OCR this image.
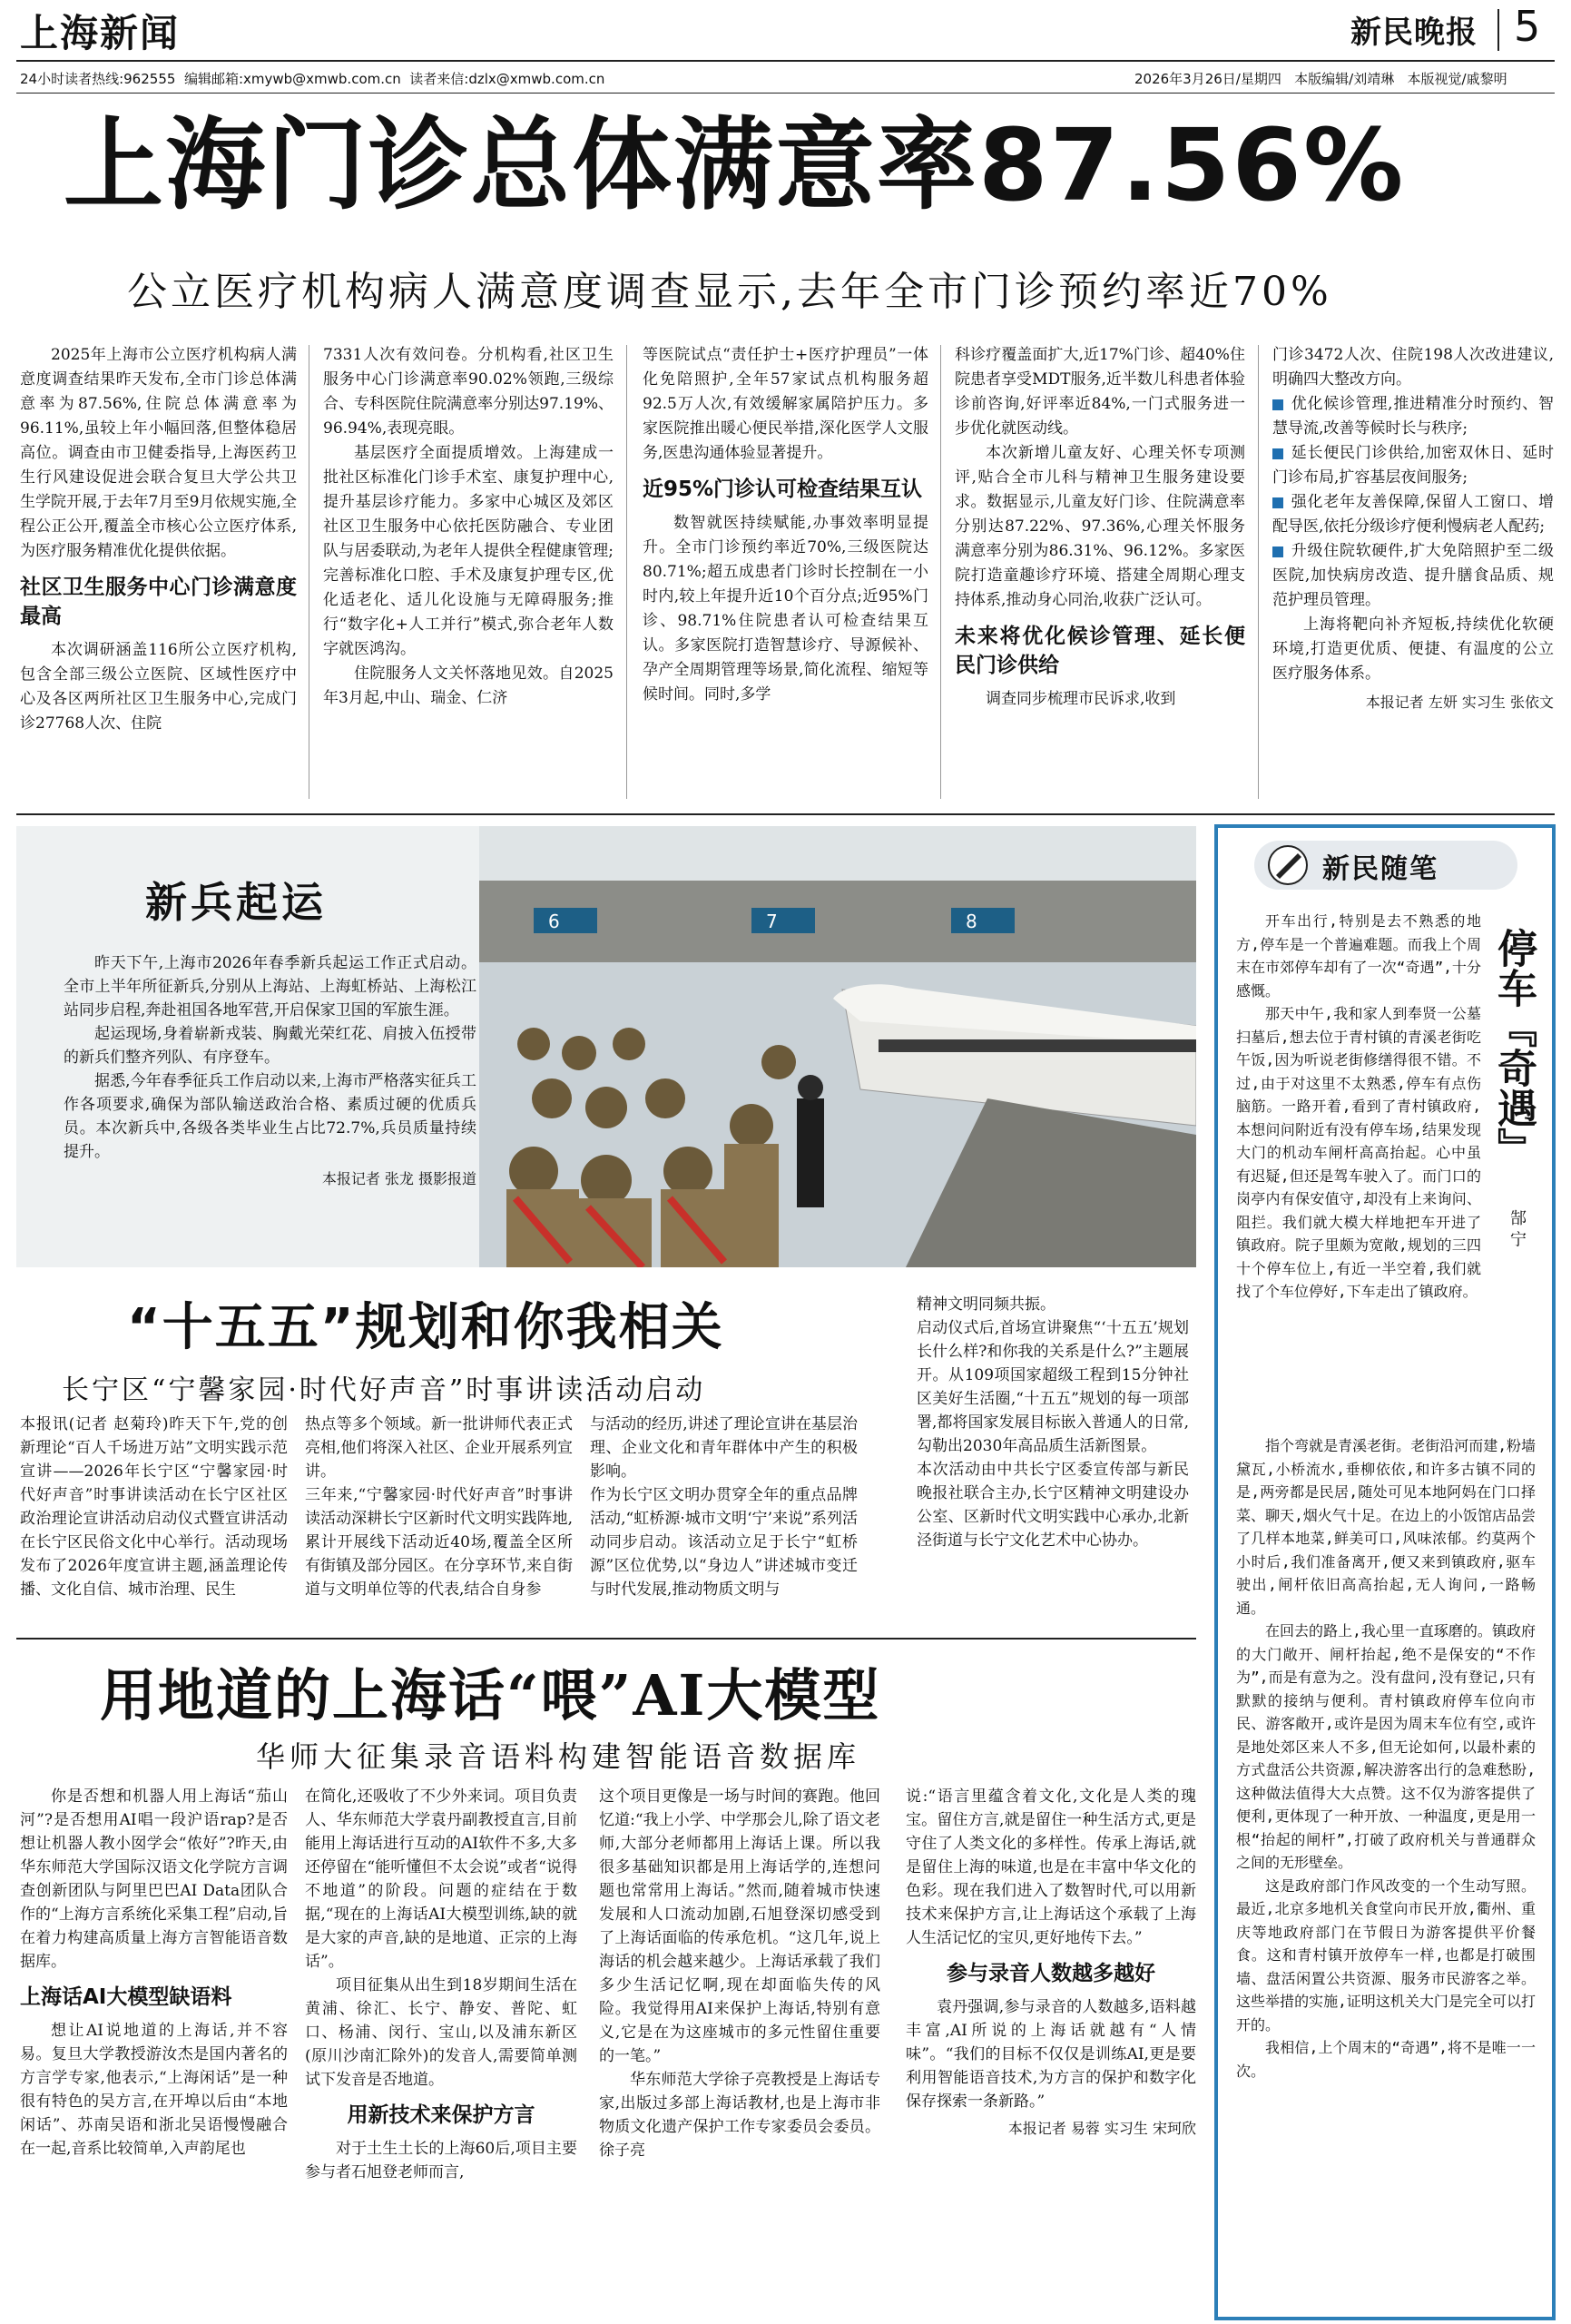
上海新闻	新民晚报 5
24小时读者热线:962555  编辑邮箱:xmywb@xmwb.com.cn  读者来信:dzlx@xmwb.com.cn	2026年3月26日/星期四   本版编辑/刘靖琳   本版视觉/戚黎明
上海门诊总体满意率87.56%
公立医疗机构病人满意度调查显示,去年全市门诊预约率近70%

2025年上海市公立医疗机构病人满意度调查结果昨天发布,全市门诊总体满意率为87.56%,住院总体满意率为96.11%,虽较上年小幅回落,但整体稳居高位。调查由市卫健委指导,上海医药卫生行风建设促进会联合复旦大学公共卫生学院开展,于去年7月至9月依规实施,全程公正公开,覆盖全市核心公立医疗体系,为医疗服务精准优化提供依据。

社区卫生服务中心门诊满意度最高

本次调研涵盖116所公立医疗机构,包含全部三级公立医院、区域性医疗中心及各区两所社区卫生服务中心,完成门诊27768人次、住院

7331人次有效问卷。分机构看,社区卫生服务中心门诊满意率90.02%领跑,三级综合、专科医院住院满意率分别达97.19%、96.94%,表现亮眼。

基层医疗全面提质增效。上海建成一批社区标准化门诊手术室、康复护理中心,提升基层诊疗能力。多家中心城区及郊区社区卫生服务中心依托医防融合、专业团队与居委联动,为老年人提供全程健康管理;完善标准化口腔、手术及康复护理专区,优化适老化、适儿化设施与无障碍服务;推行“数字化+人工并行”模式,弥合老年人数字就医鸿沟。

住院服务人文关怀落地见效。自2025年3月起,中山、瑞金、仁济

等医院试点“责任护士+医疗护理员”一体化免陪照护,全年57家试点机构服务超92.5万人次,有效缓解家属陪护压力。多家医院推出暖心便民举措,深化医学人文服务,医患沟通体验显著提升。

近95%门诊认可检查结果互认

数智就医持续赋能,办事效率明显提升。全市门诊预约率近70%,三级医院达80.71%;超五成患者门诊时长控制在一小时内,较上年提升近10个百分点;近95%门诊、98.71%住院患者认可检查结果互认。多家医院打造智慧诊疗、导源候补、孕产全周期管理等场景,简化流程、缩短等候时间。同时,多学

科诊疗覆盖面扩大,近17%门诊、超40%住院患者享受MDT服务,近半数儿科患者体验诊前咨询,好评率近84%,一门式服务进一步优化就医动线。

本次新增儿童友好、心理关怀专项测评,贴合全市儿科与精神卫生服务建设要求。数据显示,儿童友好门诊、住院满意率分别达87.22%、97.36%,心理关怀服务满意率分别为86.31%、96.12%。多家医院打造童趣诊疗环境、搭建全周期心理支持体系,推动身心同治,收获广泛认可。

未来将优化候诊管理、延长便民门诊供给

调查同步梳理市民诉求,收到

门诊3472人次、住院198人次改进建议,明确四大整改方向。

优化候诊管理,推进精准分时预约、智慧导流,改善等候时长与秩序;

延长便民门诊供给,加密双休日、延时门诊布局,扩容基层夜间服务;

强化老年友善保障,保留人工窗口、增配导医,依托分级诊疗便利慢病老人配药;

升级住院软硬件,扩大免陪照护至二级医院,加快病房改造、提升膳食品质、规范护理员管理。

上海将靶向补齐短板,持续优化软硬环境,打造更优质、便捷、有温度的公立医疗服务体系。

本报记者 左妍 实习生 张依文
新兵起运

昨天下午,上海市2026年春季新兵起运工作正式启动。全市上半年所征新兵,分别从上海站、上海虹桥站、上海松江站同步启程,奔赴祖国各地军营,开启保家卫国的军旅生涯。

起运现场,身着崭新戎装、胸戴光荣红花、肩披入伍授带的新兵们整齐列队、有序登车。

据悉,今年春季征兵工作启动以来,上海市严格落实征兵工作各项要求,确保为部队输送政治合格、素质过硬的优质兵员。本次新兵中,各级各类毕业生占比72.7%,兵员质量持续提升。

本报记者 张龙 摄影报道
6	7	8
“十五五”规划和你我相关
长宁区“宁馨家园·时代好声音”时事讲读活动启动
本报讯(记者 赵菊玲)昨天下午,党的创新理论“百人千场进万站”文明实践示范宣讲——2026年长宁区“宁馨家园·时代好声音”时事讲读活动在长宁区社区政治理论宣讲活动启动仪式暨宣讲活动在长宁区民俗文化中心举行。活动现场发布了2026年度宣讲主题,涵盖理论传播、文化自信、城市治理、民生
热点等多个领域。新一批讲师代表正式亮相,他们将深入社区、企业开展系列宣讲。
三年来,“宁馨家园·时代好声音”时事讲读活动深耕长宁区新时代文明实践阵地,累计开展线下活动近40场,覆盖全区所有街镇及部分园区。在分享环节,来自街道与文明单位等的代表,结合自身参
与活动的经历,讲述了理论宣讲在基层治理、企业文化和青年群体中产生的积极影响。
作为长宁区文明办贯穿全年的重点品牌活动,“虹桥源·城市文明‘宁’来说”系列活动同步启动。该活动立足于长宁“虹桥源”区位优势,以“身边人”讲述城市变迁与时代发展,推动物质文明与
精神文明同频共振。
启动仪式后,首场宣讲聚焦“‘十五五’规划长什么样?和你我的关系是什么?”主题展开。从109项国家超级工程到15分钟社区美好生活圈,“十五五”规划的每一项部署,都将国家发展目标嵌入普通人的日常,勾勒出2030年高品质生活新图景。
本次活动由中共长宁区委宣传部与新民晚报社联合主办,长宁区精神文明建设办公室、区新时代文明实践中心承办,北新泾街道与长宁文化艺术中心协办。
用地道的上海话“喂”AI大模型
华师大征集录音语料构建智能语音数据库

你是否想和机器人用上海话“茄山河”?是否想用AI唱一段沪语rap?是否想让机器人教小囡学会“侬好”?昨天,由华东师范大学国际汉语文化学院方言调查创新团队与阿里巴巴AI Data团队合作的“上海方言系统化采集工程”启动,旨在着力构建高质量上海方言智能语音数据库。

上海话AI大模型缺语料

想让AI说地道的上海话,并不容易。复旦大学教授游汝杰是国内著名的方言学专家,他表示,“上海闲话”是一种很有特色的吴方言,在开埠以后由“本地闲话”、苏南吴语和浙北吴语慢慢融合在一起,音系比较简单,入声韵尾也

在简化,还吸收了不少外来词。项目负责人、华东师范大学袁丹副教授直言,目前能用上海话进行互动的AI软件不多,大多还停留在“能听懂但不太会说”或者“说得不地道”的阶段。问题的症结在于数据,“现在的上海话AI大模型训练,缺的就是大家的声音,缺的是地道、正宗的上海话”。

项目征集从出生到18岁期间生活在黄浦、徐汇、长宁、静安、普陀、虹口、杨浦、闵行、宝山,以及浦东新区(原川沙南汇除外)的发音人,需要简单测试下发音是否地道。

用新技术来保护方言

对于土生土长的上海60后,项目主要参与者石旭登老师而言,

这个项目更像是一场与时间的赛跑。他回忆道:“我上小学、中学那会儿,除了语文老师,大部分老师都用上海话上课。所以我很多基础知识都是用上海话学的,连想问题也常常用上海话。”然而,随着城市快速发展和人口流动加剧,石旭登深切感受到了上海话面临的传承危机。“这几年,说上海话的机会越来越少。上海话承载了我们多少生活记忆啊,现在却面临失传的风险。我觉得用AI来保护上海话,特别有意义,它是在为这座城市的多元性留住重要的一笔。”

华东师范大学徐子亮教授是上海话专家,出版过多部上海话教材,也是上海市非物质文化遗产保护工作专家委员会委员。徐子亮

说:“语言里蕴含着文化,文化是人类的瑰宝。留住方言,就是留住一种生活方式,更是守住了人类文化的多样性。传承上海话,就是留住上海的味道,也是在丰富中华文化的色彩。现在我们进入了数智时代,可以用新技术来保护方言,让上海话这个承载了上海人生活记忆的宝贝,更好地传下去。”

参与录音人数越多越好

袁丹强调,参与录音的人数越多,语料越丰富,AI所说的上海话就越有“人情味”。“我们的目标不仅仅是训练AI,更是要利用智能语音技术,为方言的保护和数字化保存探索一条新路。”

本报记者 易蓉 实习生 宋珂欣
新民随笔
停车『奇遇』
郜 宁

开车出行,特别是去不熟悉的地方,停车是一个普遍难题。而我上个周末在市郊停车却有了一次“奇遇”,十分感慨。

那天中午,我和家人到奉贤一公墓扫墓后,想去位于青村镇的青溪老街吃午饭,因为听说老街修缮得很不错。不过,由于对这里不太熟悉,停车有点伤脑筋。一路开着,看到了青村镇政府,本想问问附近有没有停车场,结果发现大门的机动车闸杆高高抬起。心中虽有迟疑,但还是驾车驶入了。而门口的岗亭内有保安值守,却没有上来询问、阻拦。我们就大模大样地把车开进了镇政府。院子里颇为宽敞,规划的三四十个停车位上,有近一半空着,我们就找了个车位停好,下车走出了镇政府。

指个弯就是青溪老街。老街沿河而建,粉墙黛瓦,小桥流水,垂柳依依,和许多古镇不同的是,两旁都是民居,随处可见本地阿妈在门口择菜、聊天,烟火气十足。在边上的小饭馆店品尝了几样本地菜,鲜美可口,风味浓郁。约莫两个小时后,我们准备离开,便又来到镇政府,驱车驶出,闸杆依旧高高抬起,无人询问,一路畅通。

在回去的路上,我心里一直琢磨的。镇政府的大门敞开、闸杆抬起,绝不是保安的“不作为”,而是有意为之。没有盘问,没有登记,只有默默的接纳与便利。青村镇政府停车位向市民、游客敞开,或许是因为周末车位有空,或许是地处郊区来人不多,但无论如何,以最朴素的方式盘活公共资源,解决游客出行的急难愁盼,这种做法值得大大点赞。这不仅为游客提供了便利,更体现了一种开放、一种温度,更是用一根“抬起的闸杆”,打破了政府机关与普通群众之间的无形壁垒。

这是政府部门作风改变的一个生动写照。最近,北京多地机关食堂向市民开放,衢州、重庆等地政府部门在节假日为游客提供平价餐食。这和青村镇开放停车一样,也都是打破围墙、盘活闲置公共资源、服务市民游客之举。这些举措的实施,证明这机关大门是完全可以打开的。

我相信,上个周末的“奇遇”,将不是唯一一次。
